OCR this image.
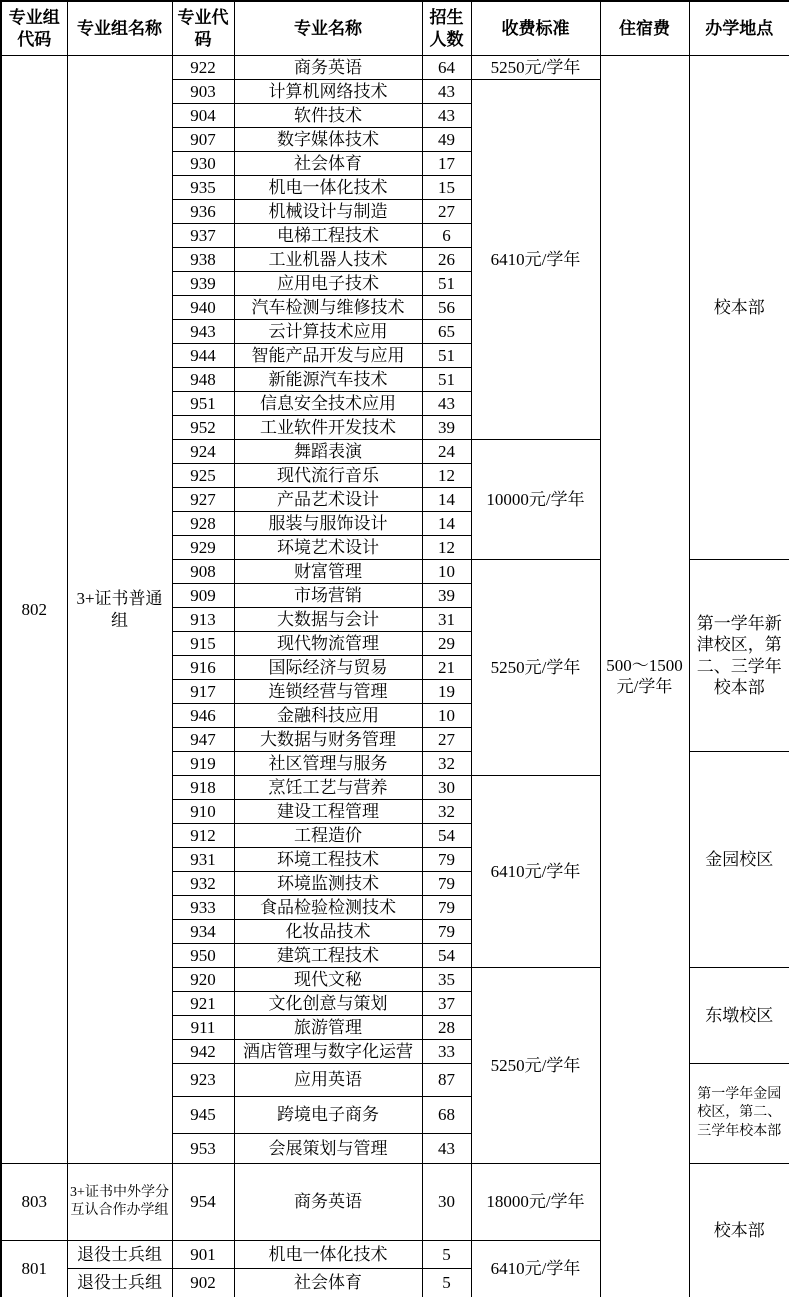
专业组代码	专业组名称	专业代码	专业名称	招生人数	收费标准	住宿费	办学地点
802	3+证书普通组	922	商务英语	64	5250元/学年	500～1500元/学年	校本部
		903	计算机网络技术	43	6410元/学年		
		904	软件技术	43			
		907	数字媒体技术	49			
		930	社会体育	17			
		935	机电一体化技术	15			
		936	机械设计与制造	27			
		937	电梯工程技术	6			
		938	工业机器人技术	26			
		939	应用电子技术	51			
		940	汽车检测与维修技术	56			
		943	云计算技术应用	65			
		944	智能产品开发与应用	51			
		948	新能源汽车技术	51			
		951	信息安全技术应用	43			
		952	工业软件开发技术	39			
		924	舞蹈表演	24	10000元/学年		
		925	现代流行音乐	12			
		927	产品艺术设计	14			
		928	服装与服饰设计	14			
		929	环境艺术设计	12			
		908	财富管理	10	5250元/学年		第一学年新津校区，第二、三学年校本部
		909	市场营销	39			
		913	大数据与会计	31			
		915	现代物流管理	29			
		916	国际经济与贸易	21			
		917	连锁经营与管理	19			
		946	金融科技应用	10			
		947	大数据与财务管理	27			
		919	社区管理与服务	32			金园校区
		918	烹饪工艺与营养	30	6410元/学年		
		910	建设工程管理	32			
		912	工程造价	54			
		931	环境工程技术	79			
		932	环境监测技术	79			
		933	食品检验检测技术	79			
		934	化妆品技术	79			
		950	建筑工程技术	54			
		920	现代文秘	35	5250元/学年		东墩校区
		921	文化创意与策划	37			
		911	旅游管理	28			
		942	酒店管理与数字化运营	33			
		923	应用英语	87			第一学年金园校区，第二、三学年校本部
		945	跨境电子商务	68			
		953	会展策划与管理	43			
803	3+证书中外学分互认合作办学组	954	商务英语	30	18000元/学年		校本部
801	退役士兵组	901	机电一体化技术	5	6410元/学年		
	退役士兵组	902	社会体育	5			
